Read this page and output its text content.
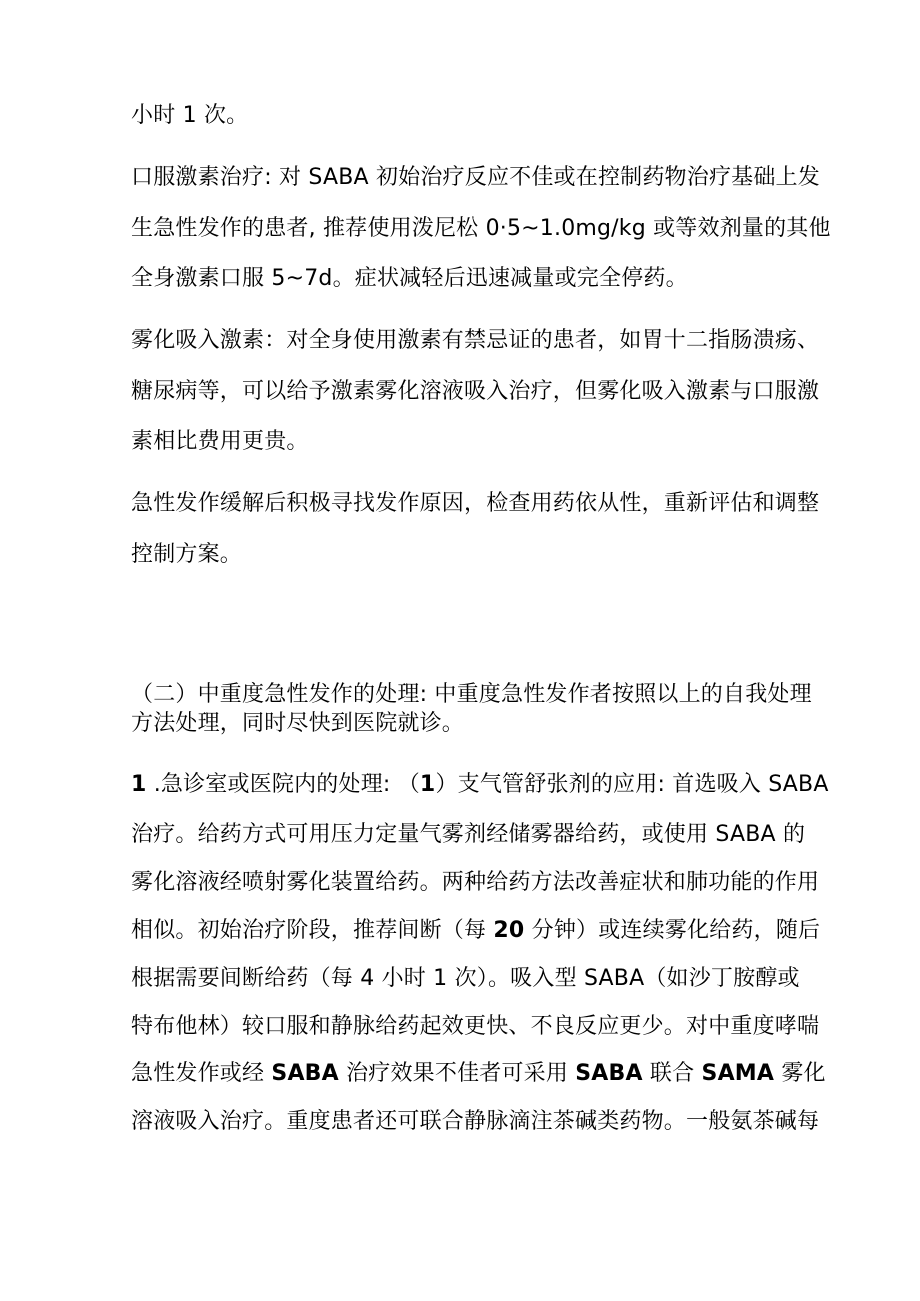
小时 1 次。
口服激素治疗: 对 SABA 初始治疗反应不佳或在控制药物治疗基础上发
生急性发作的患者, 推荐使用泼尼松 0·5~1.0mg/kg 或等效剂量的其他
全身激素口服 5~7d。症状减轻后迅速减量或完全停药。
雾化吸入激素：对全身使用激素有禁忌证的患者，如胃十二指肠溃疡、
糖尿病等，可以给予激素雾化溶液吸入治疗，但雾化吸入激素与口服激
素相比费用更贵。
急性发作缓解后积极寻找发作原因，检查用药依从性，重新评估和调整
控制方案。
（二）中重度急性发作的处理: 中重度急性发作者按照以上的自我处理
方法处理，同时尽快到医院就诊。
1 .急诊室或医院内的处理: （1）支气管舒张剂的应用: 首选吸入 SABA
治疗。给药方式可用压力定量气雾剂经储雾器给药，或使用 SABA 的
雾化溶液经喷射雾化装置给药。两种给药方法改善症状和肺功能的作用
相似。初始治疗阶段，推荐间断（每 20 分钟）或连续雾化给药，随后
根据需要间断给药（每 4 小时 1 次）。吸入型 SABA（如沙丁胺醇或
特布他林）较口服和静脉给药起效更快、不良反应更少。对中重度哮喘
急性发作或经 SABA 治疗效果不佳者可采用 SABA 联合 SAMA 雾化
溶液吸入治疗。重度患者还可联合静脉滴注茶碱类药物。一般氨茶碱每
